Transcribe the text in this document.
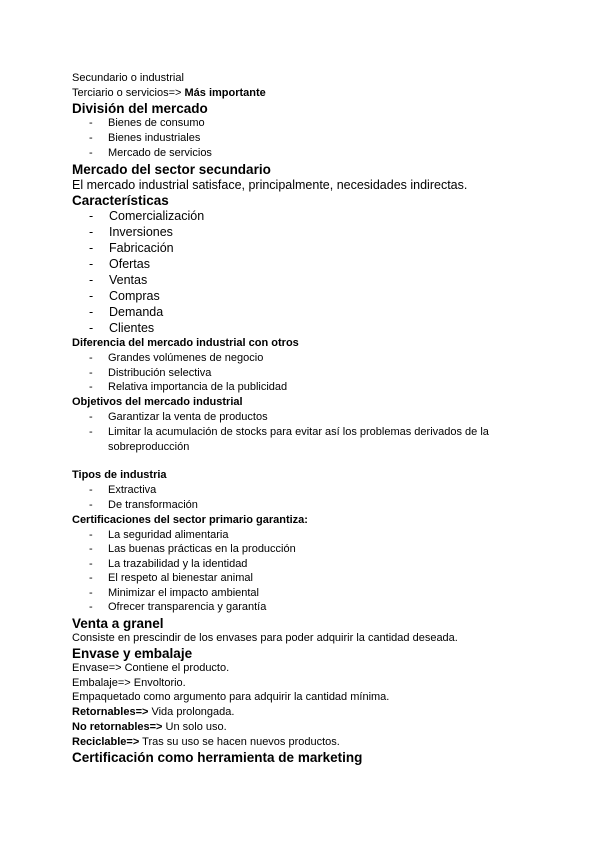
Secundario o industrial
Terciario o servicios=> Más importante
División del mercado
- Bienes de consumo
- Bienes industriales
- Mercado de servicios
Mercado del sector secundario
El mercado industrial satisface, principalmente, necesidades indirectas.
Características
- Comercialización
- Inversiones
- Fabricación
- Ofertas
- Ventas
- Compras
- Demanda
- Clientes
Diferencia del mercado industrial con otros
- Grandes volúmenes de negocio
- Distribución selectiva
- Relativa importancia de la publicidad
Objetivos del mercado industrial
- Garantizar la venta de productos
- Limitar la acumulación de stocks para evitar así los problemas derivados de la
sobreproducción
Tipos de industria
- Extractiva
- De transformación
Certificaciones del sector primario garantiza:
- La seguridad alimentaria
- Las buenas prácticas en la producción
- La trazabilidad y la identidad
- El respeto al bienestar animal
- Minimizar el impacto ambiental
- Ofrecer transparencia y garantía
Venta a granel
Consiste en prescindir de los envases para poder adquirir la cantidad deseada.
Envase y embalaje
Envase=> Contiene el producto.
Embalaje=> Envoltorio.
Empaquetado como argumento para adquirir la cantidad mínima.
Retornables=> Vida prolongada.
No retornables=> Un solo uso.
Reciclable=> Tras su uso se hacen nuevos productos.
Certificación como herramienta de marketing
